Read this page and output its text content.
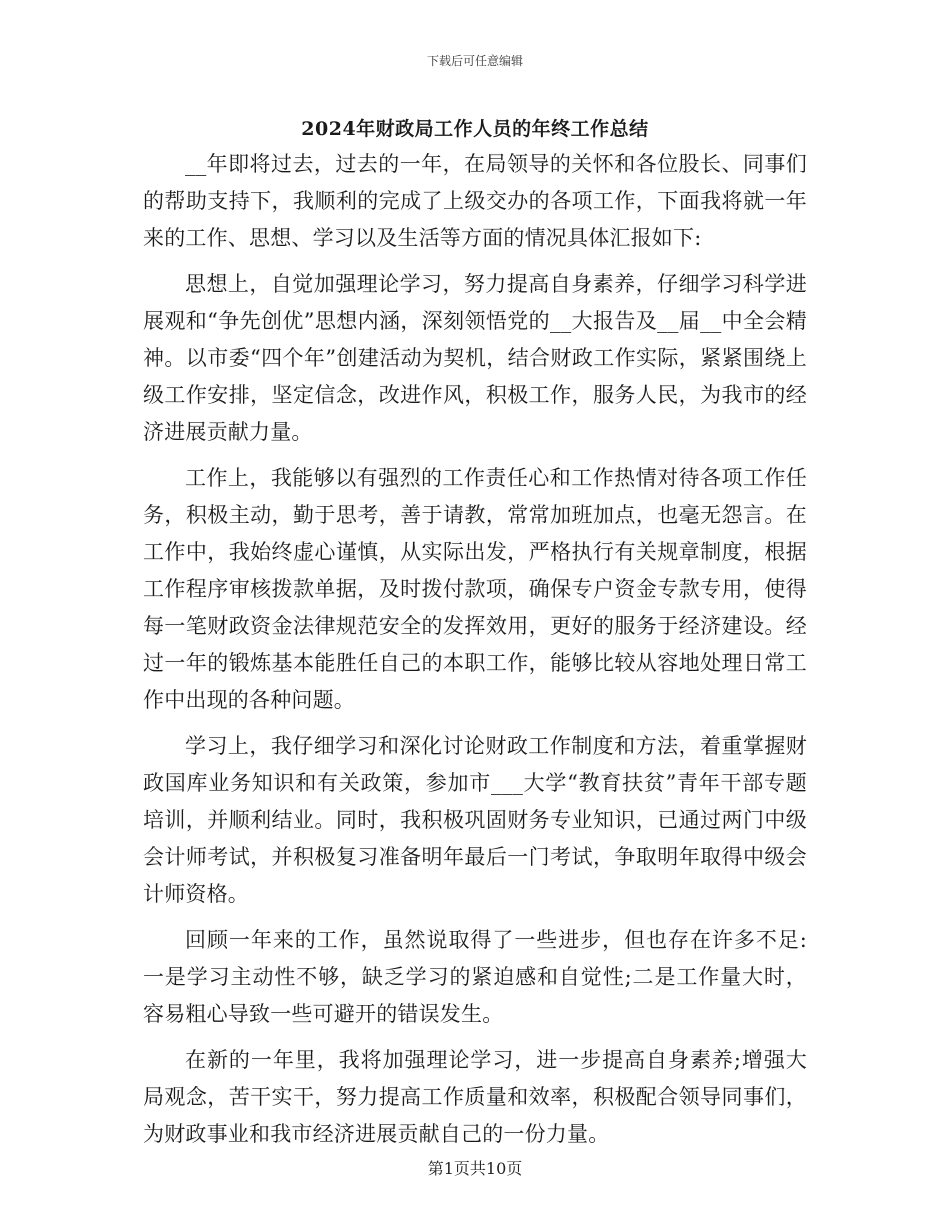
下载后可任意编辑
2024年财政局工作人员的年终工作总结

__年即将过去，过去的一年，在局领导的关怀和各位股长、同事们的帮助支持下，我顺利的完成了上级交办的各项工作，下面我将就一年来的工作、思想、学习以及生活等方面的情况具体汇报如下:

思想上，自觉加强理论学习，努力提高自身素养，仔细学习科学进展观和“争先创优”思想内涵，深刻领悟党的__大报告及__届__中全会精神。以市委“四个年”创建活动为契机，结合财政工作实际，紧紧围绕上级工作安排，坚定信念，改进作风，积极工作，服务人民，为我市的经济进展贡献力量。

工作上，我能够以有强烈的工作责任心和工作热情对待各项工作任务，积极主动，勤于思考，善于请教，常常加班加点，也毫无怨言。在工作中，我始终虚心谨慎，从实际出发，严格执行有关规章制度，根据工作程序审核拨款单据，及时拨付款项，确保专户资金专款专用，使得每一笔财政资金法律规范安全的发挥效用，更好的服务于经济建设。经过一年的锻炼基本能胜任自己的本职工作，能够比较从容地处理日常工作中出现的各种问题。

学习上，我仔细学习和深化讨论财政工作制度和方法，着重掌握财政国库业务知识和有关政策，参加市___大学“教育扶贫”青年干部专题培训，并顺利结业。同时，我积极巩固财务专业知识，已通过两门中级会计师考试，并积极复习准备明年最后一门考试，争取明年取得中级会计师资格。

回顾一年来的工作，虽然说取得了一些进步，但也存在许多不足:一是学习主动性不够，缺乏学习的紧迫感和自觉性;二是工作量大时，容易粗心导致一些可避开的错误发生。

在新的一年里，我将加强理论学习，进一步提高自身素养;增强大局观念，苦干实干，努力提高工作质量和效率，积极配合领导同事们，为财政事业和我市经济进展贡献自己的一份力量。

第1页共10页
